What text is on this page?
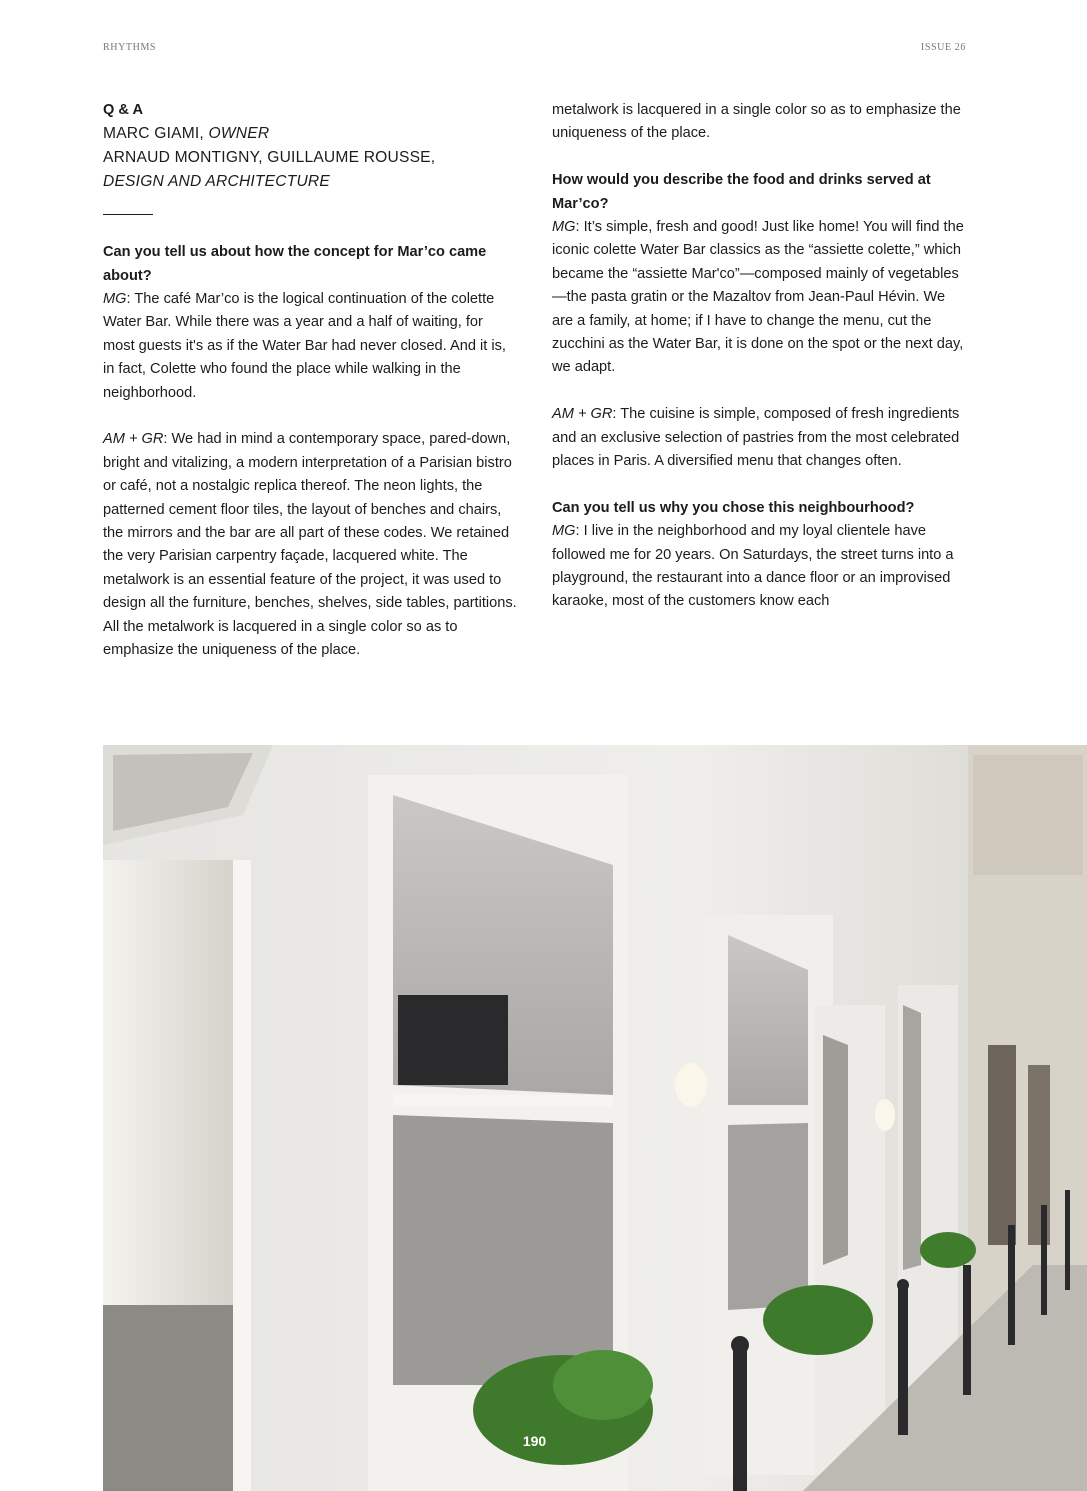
RHYTHMS	ISSUE 26

Q & A

MARC GIAMI, OWNER

ARNAUD MONTIGNY, GUILLAUME ROUSSE,

DESIGN AND ARCHITECTURE

Can you tell us about how the concept for Mar’co came about?

MG: The café Mar’co is the logical continuation of the colette Water Bar. While there was a year and a half of waiting, for most guests it's as if the Water Bar had never closed. And it is, in fact, Colette who found the place while walking in the neighborhood.

AM + GR: We had in mind a contemporary space, pared-down, bright and vitalizing, a modern interpretation of a Parisian bistro or café, not a nostalgic replica thereof. The neon lights, the patterned cement floor tiles, the layout of benches and chairs, the mirrors and the bar are all part of these codes. We retained the very Parisian carpentry façade, lacquered white. The metalwork is an essential feature of the project, it was used to design all the furniture, benches, shelves, side tables, partitions. All the metalwork is lacquered in a single color so as to emphasize the uniqueness of the place.

metalwork is lacquered in a single color so as to emphasize the uniqueness of the place.

How would you describe the food and drinks served at Mar’co?

MG: It’s simple, fresh and good! Just like home! You will find the iconic colette Water Bar classics as the “assiette colette,” which became the “assiette Mar'co”—composed mainly of vegetables—the pasta gratin or the Mazaltov from Jean-Paul Hévin. We are a family, at home; if I have to change the menu, cut the zucchini as the Water Bar, it is done on the spot or the next day, we adapt.

AM + GR: The cuisine is simple, composed of fresh ingredients and an exclusive selection of pastries from the most celebrated places in Paris. A diversified menu that changes often.

Can you tell us why you chose this neighbourhood?

MG: I live in the neighborhood and my loyal clientele have followed me for 20 years. On Saturdays, the street turns into a playground, the restaurant into a dance floor or an improvised karaoke, most of the customers know each

190
